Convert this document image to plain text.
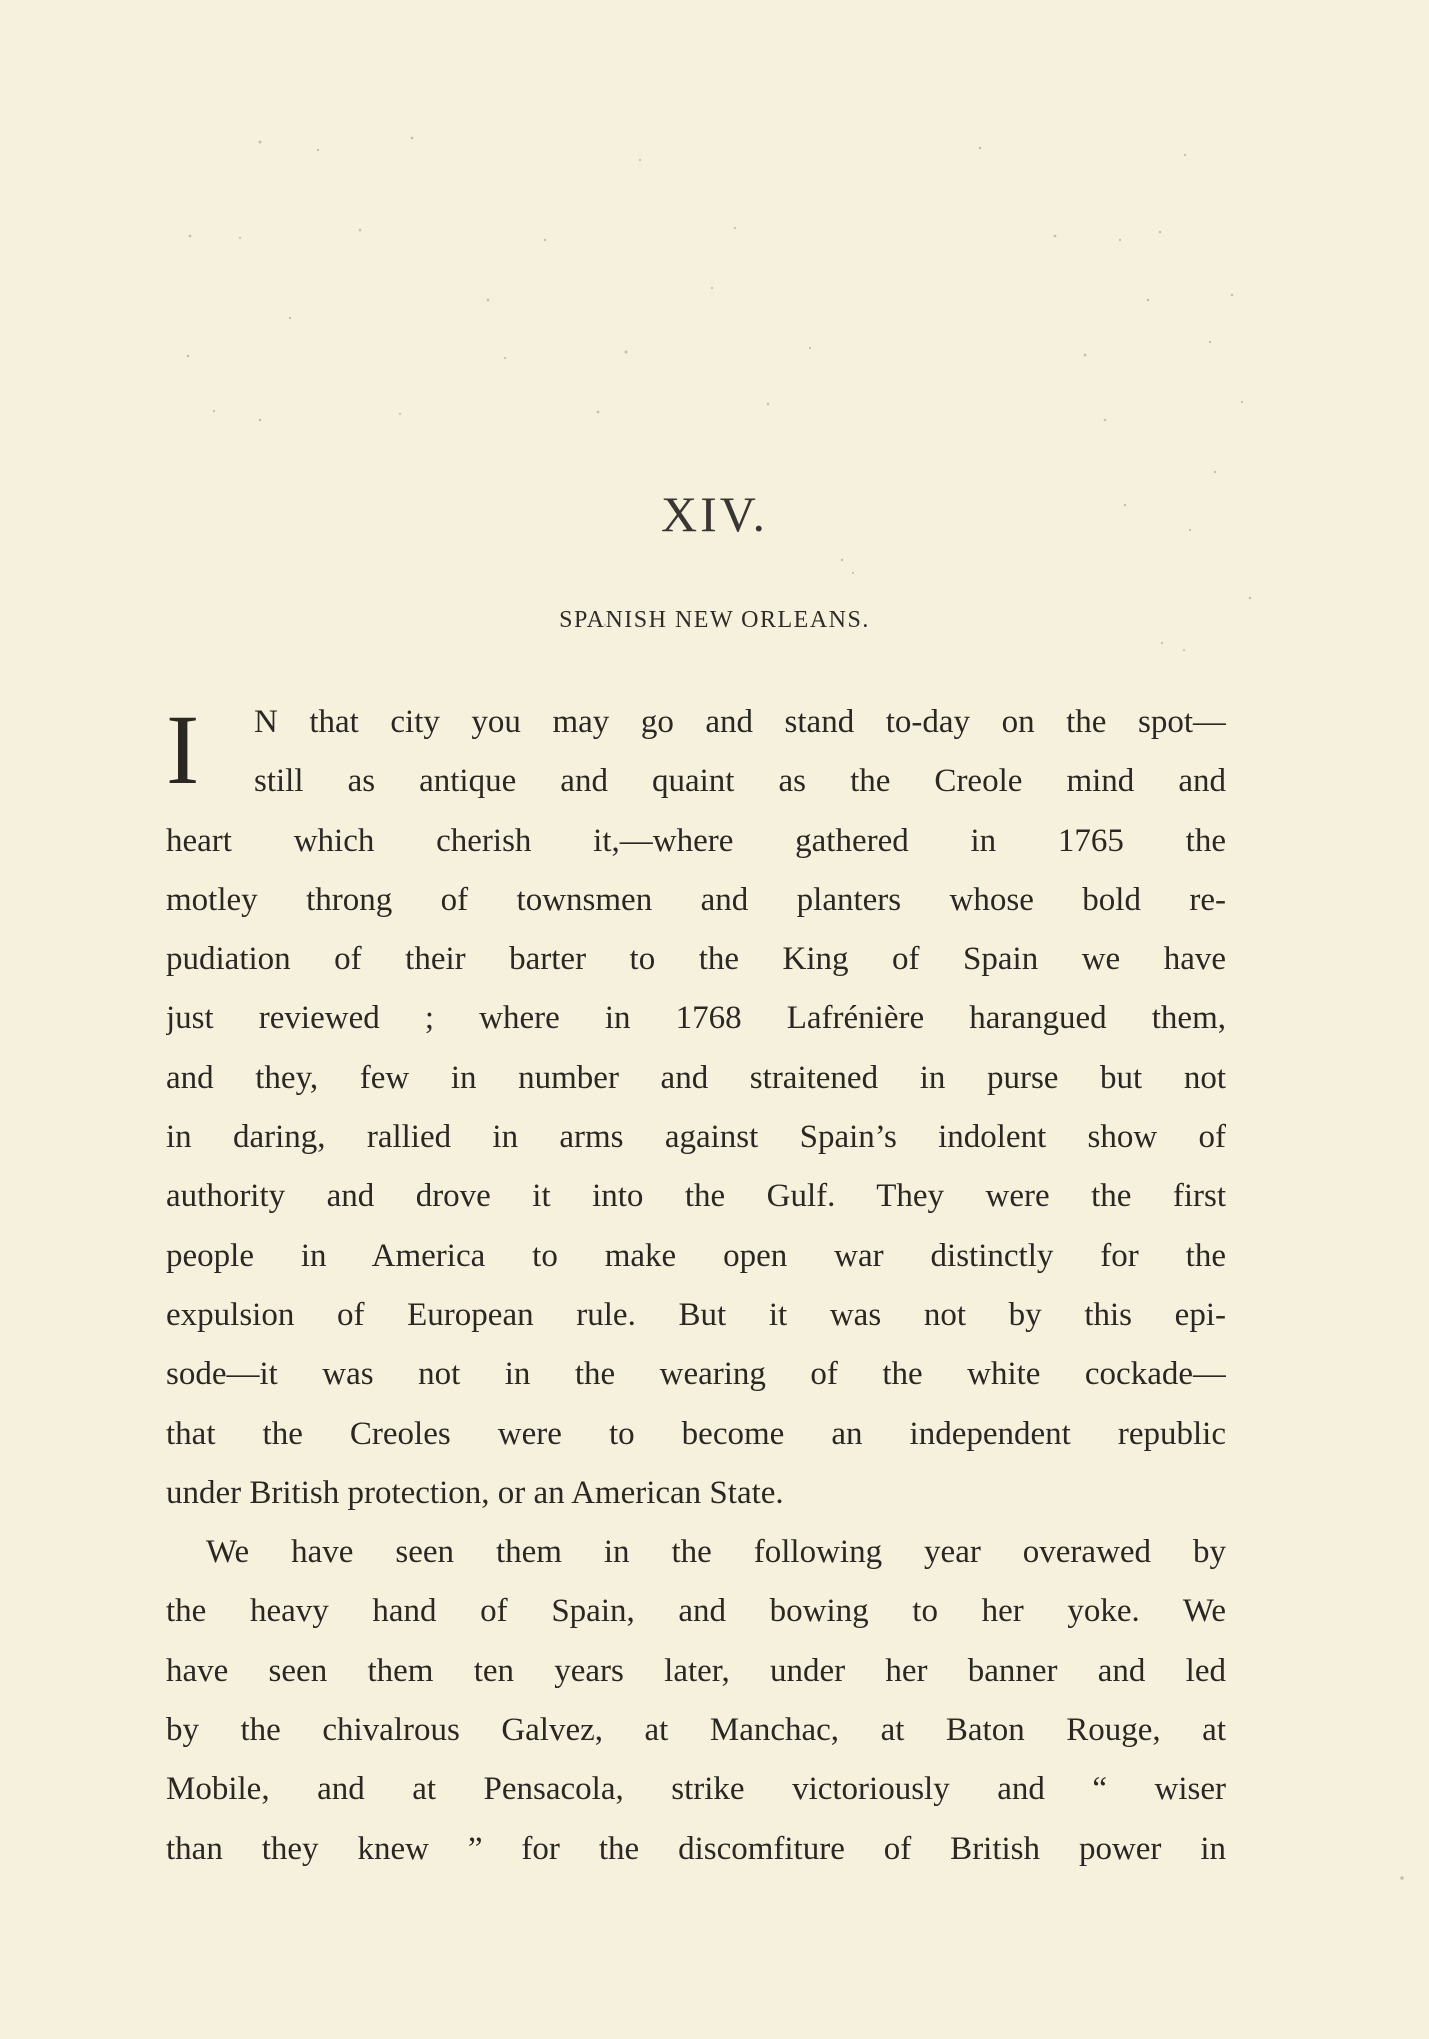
XIV.
SPANISH NEW ORLEANS.
I	N that city you may go and stand to-day on the spot—
still as antique and quaint as the Creole mind and
heart which cherish it,—where gathered in 1765 the
motley throng of townsmen and planters whose bold re-
pudiation of their barter to the King of Spain we have
just reviewed ; where in 1768 Lafrénière harangued them,
and they, few in number and straitened in purse but not
in daring, rallied in arms against Spain’s indolent show of
authority and drove it into the Gulf. They were the first
people in America to make open war distinctly for the
expulsion of European rule. But it was not by this epi-
sode—it was not in the wearing of the white cockade—
that the Creoles were to become an independent republic
under British protection, or an American State.
We have seen them in the following year overawed by
the heavy hand of Spain, and bowing to her yoke. We
have seen them ten years later, under her banner and led
by the chivalrous Galvez, at Manchac, at Baton Rouge, at
Mobile, and at Pensacola, strike victoriously and “ wiser
than they knew ” for the discomfiture of British power in
